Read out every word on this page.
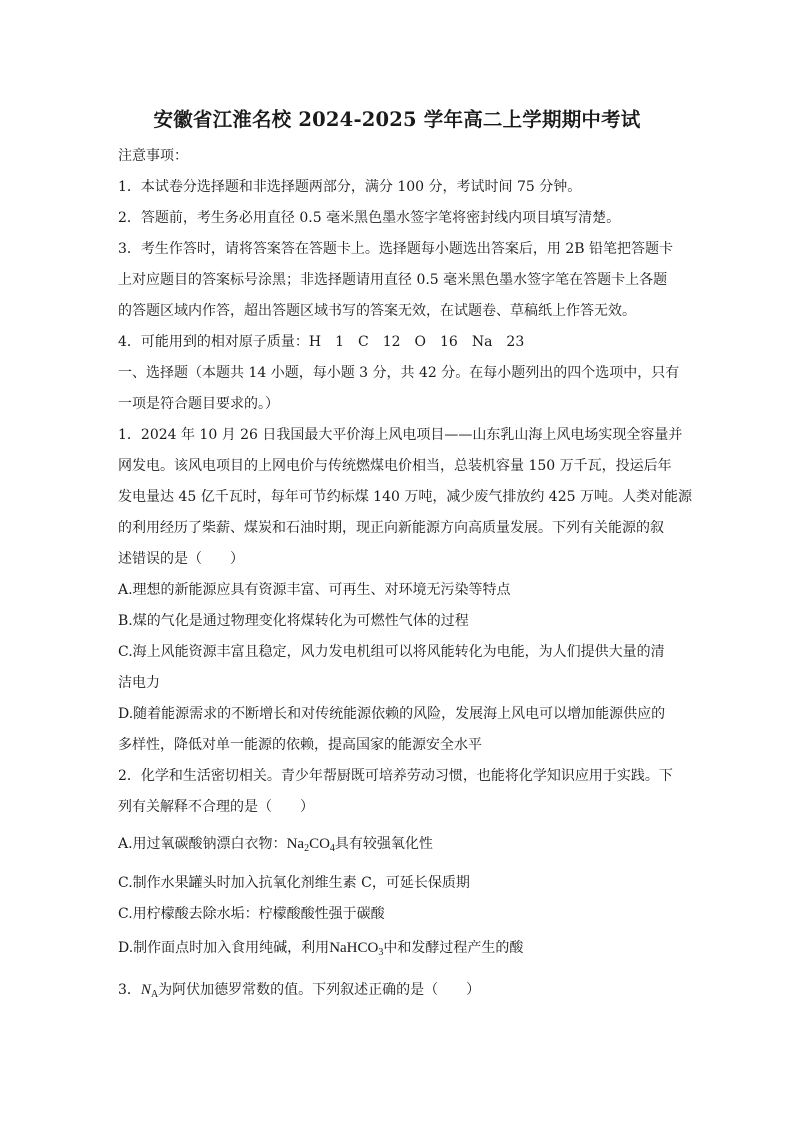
安徽省江淮名校 2024-2025 学年高二上学期期中考试
注意事项：
1．本试卷分选择题和非选择题两部分，满分 100 分，考试时间 75 分钟。
2．答题前，考生务必用直径 0.5 毫米黑色墨水签字笔将密封线内项目填写清楚。
3．考生作答时，请将答案答在答题卡上。选择题每小题选出答案后，用 2B 铅笔把答题卡
上对应题目的答案标号涂黑；非选择题请用直径 0.5 毫米黑色墨水签字笔在答题卡上各题
的答题区域内作答，超出答题区域书写的答案无效，在试题卷、草稿纸上作答无效。
4．可能用到的相对原子质量：H　1　C　12　O　16　Na　23
一、选择题（本题共 14 小题，每小题 3 分，共 42 分。在每小题列出的四个选项中，只有
一项是符合题目要求的。）
1．2024 年 10 月 26 日我国最大平价海上风电项目——山东乳山海上风电场实现全容量并
网发电。该风电项目的上网电价与传统燃煤电价相当，总装机容量 150 万千瓦，投运后年
发电量达 45 亿千瓦时，每年可节约标煤 140 万吨，减少废气排放约 425 万吨。人类对能源
的利用经历了柴薪、煤炭和石油时期，现正向新能源方向高质量发展。下列有关能源的叙
述错误的是（　　）
A.理想的新能源应具有资源丰富、可再生、对环境无污染等特点
B.煤的气化是通过物理变化将煤转化为可燃性气体的过程
C.海上风能资源丰富且稳定，风力发电机组可以将风能转化为电能，为人们提供大量的清
洁电力
D.随着能源需求的不断增长和对传统能源依赖的风险，发展海上风电可以增加能源供应的
多样性，降低对单一能源的依赖，提高国家的能源安全水平
2．化学和生活密切相关。青少年帮厨既可培养劳动习惯，也能将化学知识应用于实践。下
列有关解释不合理的是（　　）
A.用过氧碳酸钠漂白衣物：$Na_2CO_4$具有较强氧化性
C.制作水果罐头时加入抗氧化剂维生素 C，可延长保质期
C.用柠檬酸去除水垢：柠檬酸酸性强于碳酸
D.制作面点时加入食用纯碱，利用NaHCO$_3$中和发酵过程产生的酸
3．$N_A$为阿伏加德罗常数的值。下列叙述正确的是（　　）
